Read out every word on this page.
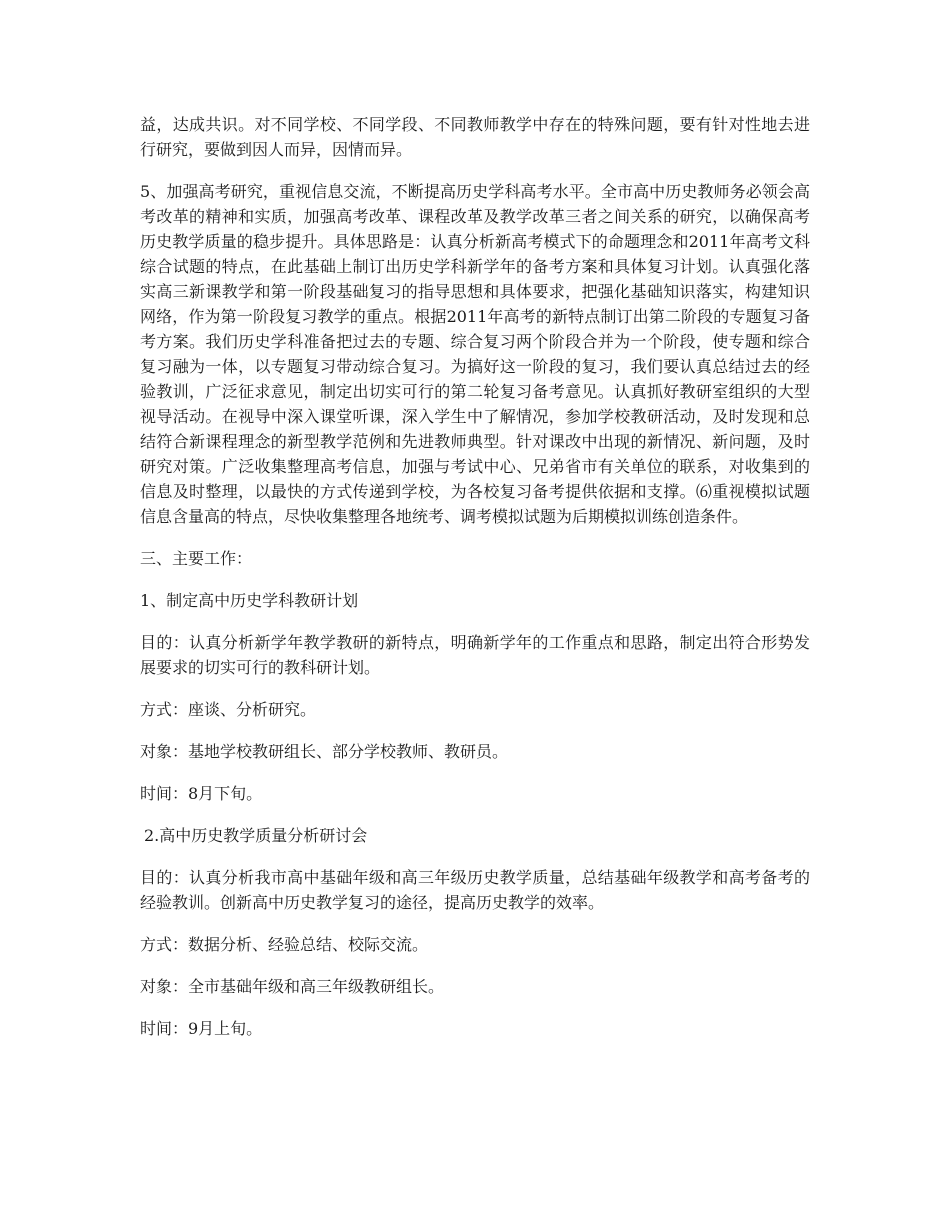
益，达成共识。对不同学校、不同学段、不同教师教学中存在的特殊问题，要有针对性地去进行研究，要做到因人而异，因情而异。

5、加强高考研究，重视信息交流，不断提高历史学科高考水平。全市高中历史教师务必领会高考改革的精神和实质，加强高考改革、课程改革及教学改革三者之间关系的研究，以确保高考历史教学质量的稳步提升。具体思路是：认真分析新高考模式下的命题理念和2011年高考文科综合试题的特点，在此基础上制订出历史学科新学年的备考方案和具体复习计划。认真强化落实高三新课教学和第一阶段基础复习的指导思想和具体要求，把强化基础知识落实，构建知识网络，作为第一阶段复习教学的重点。根据2011年高考的新特点制订出第二阶段的专题复习备考方案。我们历史学科准备把过去的专题、综合复习两个阶段合并为一个阶段，使专题和综合复习融为一体，以专题复习带动综合复习。为搞好这一阶段的复习，我们要认真总结过去的经验教训，广泛征求意见，制定出切实可行的第二轮复习备考意见。认真抓好教研室组织的大型视导活动。在视导中深入课堂听课，深入学生中了解情况，参加学校教研活动，及时发现和总结符合新课程理念的新型教学范例和先进教师典型。针对课改中出现的新情况、新问题，及时研究对策。广泛收集整理高考信息，加强与考试中心、兄弟省市有关单位的联系，对收集到的信息及时整理，以最快的方式传递到学校，为各校复习备考提供依据和支撑。⑹重视模拟试题信息含量高的特点，尽快收集整理各地统考、调考模拟试题为后期模拟训练创造条件。

三、主要工作：

1、制定高中历史学科教研计划

目的：认真分析新学年教学教研的新特点，明确新学年的工作重点和思路，制定出符合形势发展要求的切实可行的教科研计划。

方式：座谈、分析研究。

对象：基地学校教研组长、部分学校教师、教研员。

时间：8月下旬。

2.高中历史教学质量分析研讨会

目的：认真分析我市高中基础年级和高三年级历史教学质量，总结基础年级教学和高考备考的经验教训。创新高中历史教学复习的途径，提高历史教学的效率。

方式：数据分析、经验总结、校际交流。

对象：全市基础年级和高三年级教研组长。

时间：9月上旬。
